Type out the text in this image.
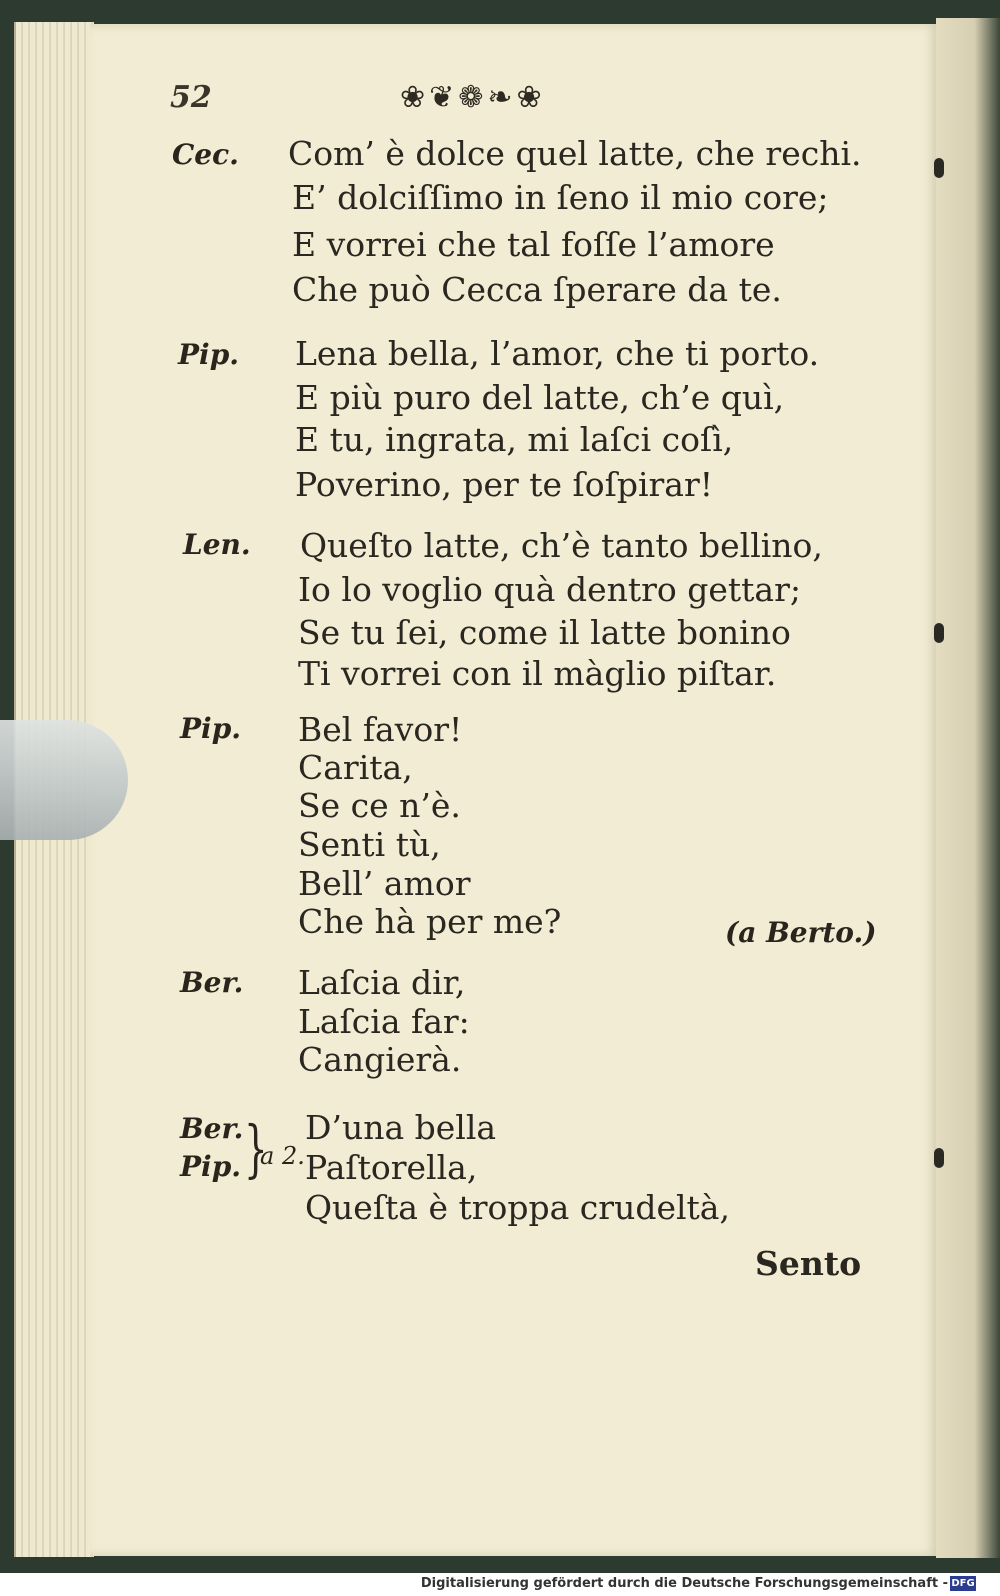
52	❀❦❁❧❀
Cec. Com’ è dolce quel latte, che rechi.
E’ dolciſſimo in ſeno il mio core;
E vorrei che tal foſſe l’amore
Che può Cecca ſperare da te.
Pip. Lena bella, l’amor, che ti porto.
E più puro del latte, ch’e quì,
E tu, ingrata, mi laſci coſì,
Poverino, per te ſoſpirar!
Len. Queſto latte, ch’è tanto bellino,
Io lo voglio quà dentro gettar;
Se tu ſei, come il latte bonino
Ti vorrei con il màglio piſtar.
Pip. Bel favor!
Carita,
Se ce n’è.
Senti tù,
Bell’ amor
Che hà per me?	(a Berto.)
Ber. Laſcia dir,
Laſcia far:
Cangierà.
Ber.
Pip. }
a 2.
D’una bella
Paſtorella,
Queſta è troppa crudeltà,
Sento
Digitalisierung gefördert durch die Deutsche Forschungsgemeinschaft - DFG
